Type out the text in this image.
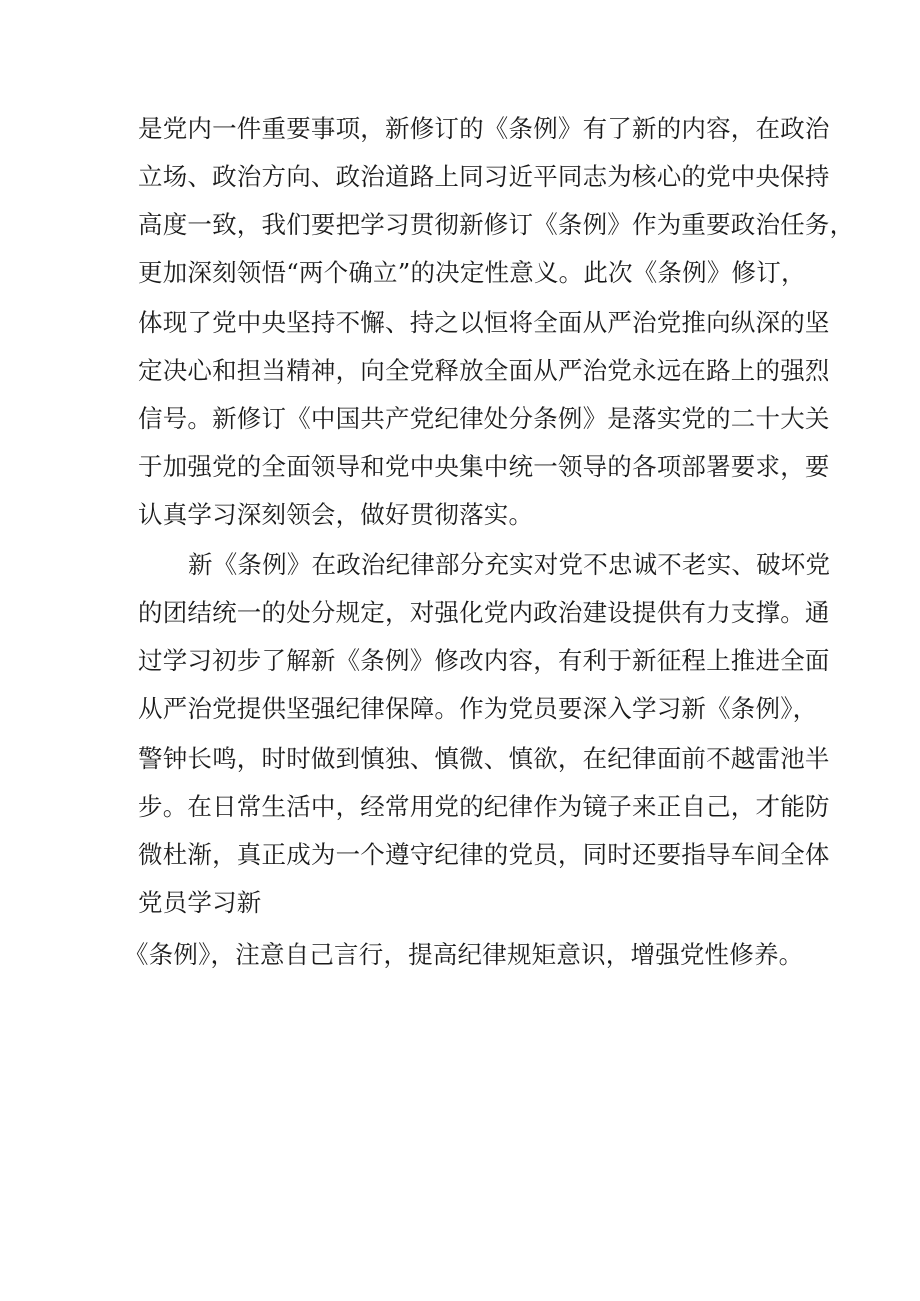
是党内一件重要事项，新修订的《条例》有了新的内容，在政治
立场、政治方向、政治道路上同习近平同志为核心的党中央保持
高度一致，我们要把学习贯彻新修订《条例》作为重要政治任务，
更加深刻领悟“两个确立”的决定性意义。此次《条例》修订，
体现了党中央坚持不懈、持之以恒将全面从严治党推向纵深的坚
定决心和担当精神，向全党释放全面从严治党永远在路上的强烈
信号。新修订《中国共产党纪律处分条例》是落实党的二十大关
于加强党的全面领导和党中央集中统一领导的各项部署要求，要
认真学习深刻领会，做好贯彻落实。
新《条例》在政治纪律部分充实对党不忠诚不老实、破坏党
的团结统一的处分规定，对强化党内政治建设提供有力支撑。通
过学习初步了解新《条例》修改内容，有利于新征程上推进全面
从严治党提供坚强纪律保障。作为党员要深入学习新《条例》，
警钟长鸣，时时做到慎独、慎微、慎欲，在纪律面前不越雷池半
步。在日常生活中，经常用党的纪律作为镜子来正自己，才能防
微杜渐，真正成为一个遵守纪律的党员，同时还要指导车间全体
党员学习新
《条例》，注意自己言行，提高纪律规矩意识，增强党性修养。
